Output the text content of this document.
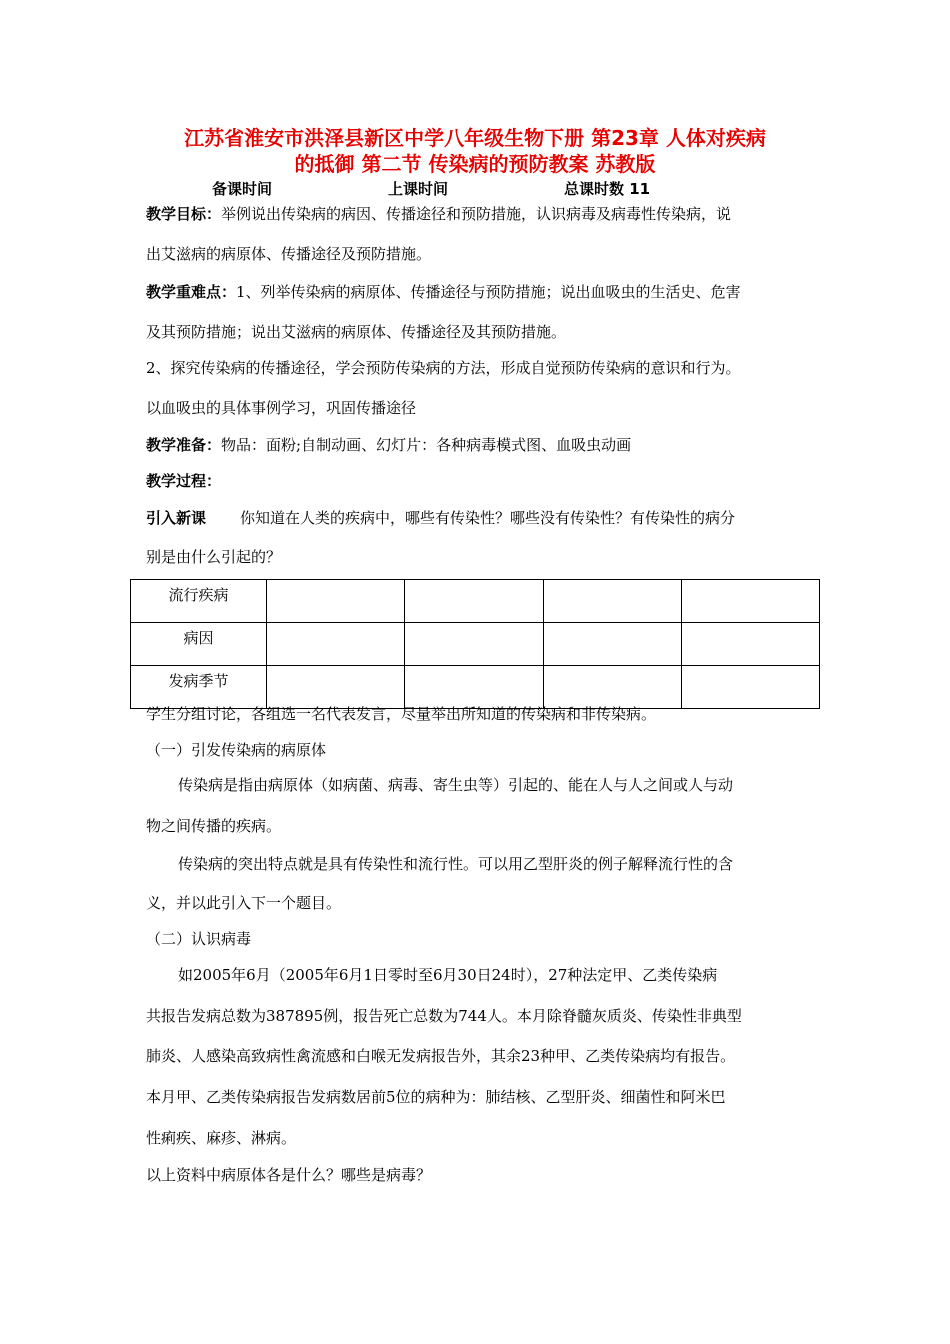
江苏省淮安市洪泽县新区中学八年级生物下册 第23章 人体对疾病
的抵御 第二节 传染病的预防教案 苏教版
备课时间	上课时间	总课时数 11
教学目标：举例说出传染病的病因、传播途径和预防措施，认识病毒及病毒性传染病，说
出艾滋病的病原体、传播途径及预防措施。
教学重难点：1、列举传染病的病原体、传播途径与预防措施；说出血吸虫的生活史、危害
及其预防措施；说出艾滋病的病原体、传播途径及其预防措施。
2、探究传染病的传播途径，学会预防传染病的方法，形成自觉预防传染病的意识和行为。
以血吸虫的具体事例学习，巩固传播途径
教学准备：物品：面粉;自制动画、幻灯片：各种病毒模式图、血吸虫动画
教学过程：
引入新课 你知道在人类的疾病中，哪些有传染性？哪些没有传染性？有传染性的病分
别是由什么引起的？
流行疾病				
病因				
发病季节				
学生分组讨论，各组选一名代表发言，尽量举出所知道的传染病和非传染病。
（一）引发传染病的病原体
传染病是指由病原体（如病菌、病毒、寄生虫等）引起的、能在人与人之间或人与动
物之间传播的疾病。
传染病的突出特点就是具有传染性和流行性。可以用乙型肝炎的例子解释流行性的含
义，并以此引入下一个题目。
（二）认识病毒
如2005年6月（2005年6月1日零时至6月30日24时），27种法定甲、乙类传染病
共报告发病总数为387895例，报告死亡总数为744人。本月除脊髓灰质炎、传染性非典型
肺炎、人感染高致病性禽流感和白喉无发病报告外，其余23种甲、乙类传染病均有报告。
本月甲、乙类传染病报告发病数居前5位的病种为：肺结核、乙型肝炎、细菌性和阿米巴
性痢疾、麻疹、淋病。
以上资料中病原体各是什么？哪些是病毒？
